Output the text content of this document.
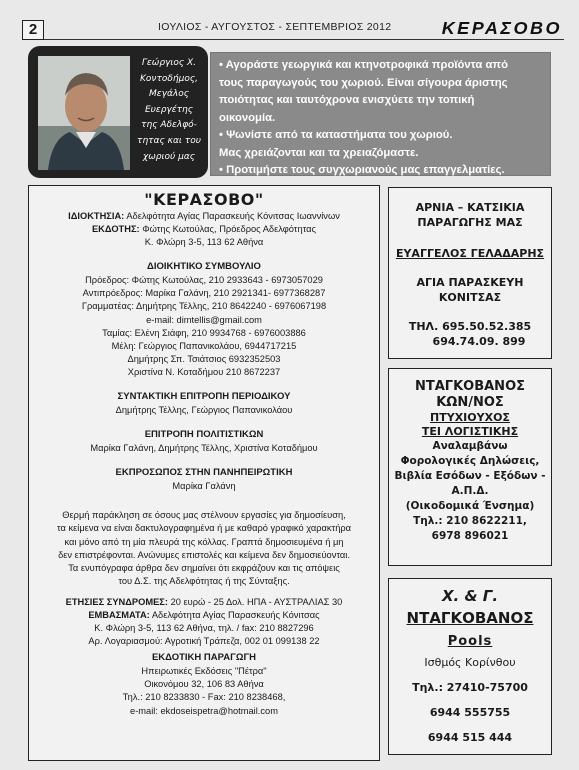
2	ΙΟΥΛΙΟΣ - ΑΥΓΟΥΣΤΟΣ - ΣΕΠΤΕΜΒΡΙΟΣ 2012	ΚΕΡΑΣΟΒΟ
Γεώργιος Χ.
Κοντοδήμος,
Μεγάλος
Ευεργέτης
της Αδελφό-
τητας και του
χωριού μας

• Αγοράστε γεωργικά και κτηνοτροφικά προϊόντα από

τους παραγωγούς του χωριού. Είναι σίγουρα άριστης

ποιότητας και ταυτόχρονα ενισχύετε την τοπική

οικονομία.

• Ψωνίστε από τα καταστήματα του χωριού.

Μας χρειάζονται και τα χρειαζόμαστε.

• Προτιμήστε τους συγχωριανούς μας επαγγελματίες.

"ΚΕΡΑΣΟΒΟ"
ΙΔΙΟΚΤΗΣΙΑ: Αδελφότητα Αγίας Παρασκευής Κόνιτσας Ιωαννίνων
ΕΚΔΟΤΗΣ: Φώτης Κωτούλας, Πρόεδρος Αδελφότητας
Κ. Φλώρη 3-5, 113 62 Αθήνα
ΔΙΟΙΚΗΤΙΚΟ ΣΥΜΒΟΥΛΙΟ
Πρόεδρος: Φώτης Κωτούλας, 210 2933643 - 6973057029
Αντιπρόεδρος: Μαρίκα Γαλάνη, 210 2921341- 6977368287
Γραμματέας: Δημήτρης Τέλλης, 210 8642240 - 6976067198
e-mail: dimtellis@gmail.com
Ταμίας: Ελένη Σιάφη, 210 9934768 - 6976003886
Μέλη: Γεώργιος Παπανικολάου, 6944717215
Δημήτρης Σπ. Τσιάτσιος 6932352503
Χριστίνα Ν. Κοταδήμου 210 8672237
ΣΥΝΤΑΚΤΙΚΗ ΕΠΙΤΡΟΠΗ ΠΕΡΙΟΔΙΚΟΥ
Δημήτρης Τέλλης, Γεώργιος Παπανικολάου
ΕΠΙΤΡΟΠΗ ΠΟΛΙΤΙΣΤΙΚΩΝ
Μαρίκα Γαλάνη, Δημήτρης Τέλλης, Χριστίνα Κοταδήμου
ΕΚΠΡΟΣΩΠΟΣ ΣΤΗΝ ΠΑΝΗΠΕΙΡΩΤΙΚΗ
Μαρίκα Γαλάνη
Θερμή παράκληση σε όσους μας στέλνουν εργασίες για δημοσίευση,
τα κείμενα να είναι δακτυλογραφημένα ή με καθαρό γραφικό χαρακτήρα
και μόνο από τη μία πλευρά της κόλλας. Γραπτά δημοσιευμένα ή μη
δεν επιστρέφονται. Ανώνυμες επιστολές και κείμενα δεν δημοσιεύονται.
Τα ενυπόγραφα άρθρα δεν σημαίνει ότι εκφράζουν και τις απόψεις
του Δ.Σ. της Αδελφότητας ή της Σύνταξης.
ΕΤΗΣΙΕΣ ΣΥΝΔΡΟΜΕΣ: 20 ευρώ - 25 Δολ. ΗΠΑ - ΑΥΣΤΡΑΛΙΑΣ 30
ΕΜΒΑΣΜΑΤΑ: Αδελφότητα Αγίας Παρασκευής Κόνιτσας
Κ. Φλώρη 3-5, 113 62 Αθήνα, τηλ. / fax: 210 8827296
Αρ. Λογαριασμού: Αγροτική Τράπεζα, 002 01 099138 22
ΕΚΔΟΤΙΚΗ ΠΑΡΑΓΩΓΗ
Ηπειρωτικές Εκδόσεις "Πέτρα"
Οικονόμου 32, 106 83 Αθήνα
Τηλ.: 210 8233830 - Fax: 210 8238468,
e-mail: ekdoseispetra@hotmail.com
ΑΡΝΙΑ – ΚΑΤΣΙΚΙΑ
ΠΑΡΑΓΩΓΗΣ ΜΑΣ
ΕΥΑΓΓΕΛΟΣ ΓΕΛΑΔΑΡΗΣ
ΑΓΙΑ ΠΑΡΑΣΚΕΥΗ
ΚΟΝΙΤΣΑΣ
ΤΗΛ. 695.50.52.385
694.74.09. 899
ΝΤΑΓΚΟΒΑΝΟΣ
ΚΩΝ/ΝΟΣ
ΠΤΥΧΙΟΥΧΟΣ
ΤΕΙ ΛΟΓΙΣΤΙΚΗΣ
Αναλαμβάνω
Φορολογικές Δηλώσεις,
Βιβλία Εσόδων - Εξόδων -
Α.Π.Δ.
(Οικοδομικά Ένσημα)
Τηλ.: 210 8622211,
6978 896021
Χ. & Γ.
ΝΤΑΓΚΟΒΑΝΟΣ
Pools
Ισθμός Κορίνθου
Τηλ.: 27410-75700
6944 555755
6944 515 444
